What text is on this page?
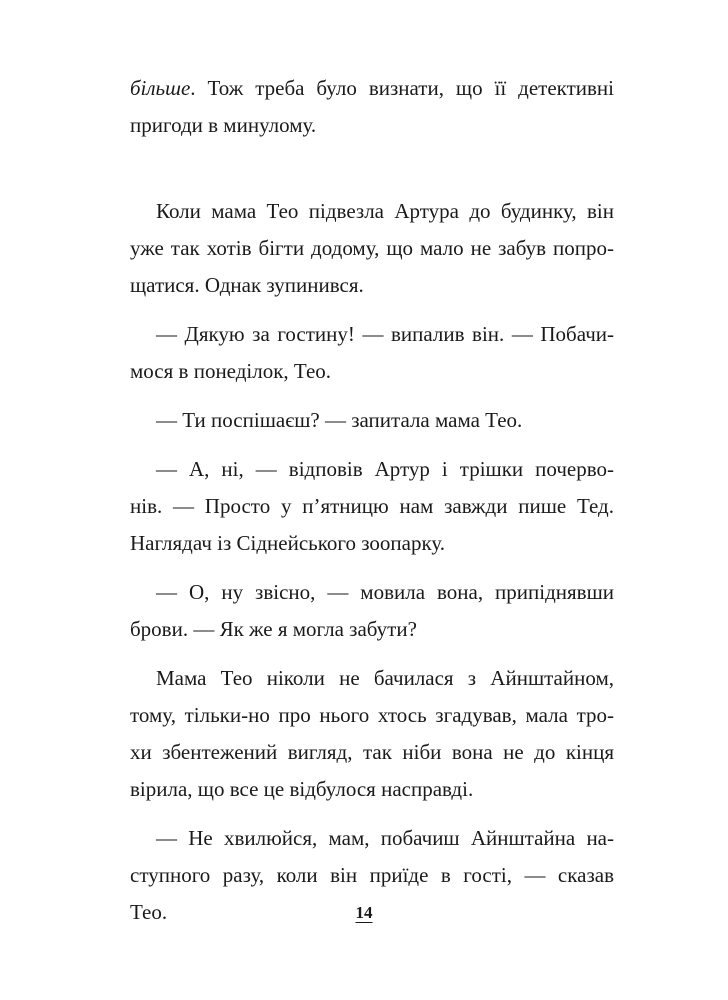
більше. Тож треба було визнати, що її детективні
пригоди в минулому.
Коли мама Тео підвезла Артура до будинку, він
уже так хотів бігти додому, що мало не забув попро-
щатися. Однак зупинився.
— Дякую за гостину! — випалив він. — Побачи-
мося в понеділок, Тео.
— Ти поспішаєш? — запитала мама Тео.
— А, ні, — відповів Артур і трішки почерво-
нів. — Просто у п’ятницю нам завжди пише Тед.
Наглядач із Сіднейського зоопарку.
— О, ну звісно, — мовила вона, припіднявши
брови. — Як же я могла забути?
Мама Тео ніколи не бачилася з Айнштайном,
тому, тільки-но про нього хтось згадував, мала тро-
хи збентежений вигляд, так ніби вона не до кінця
вірила, що все це відбулося насправді.
— Не хвилюйся, мам, побачиш Айнштайна на-
ступного разу, коли він приїде в гості, — сказав
Тео.	14
